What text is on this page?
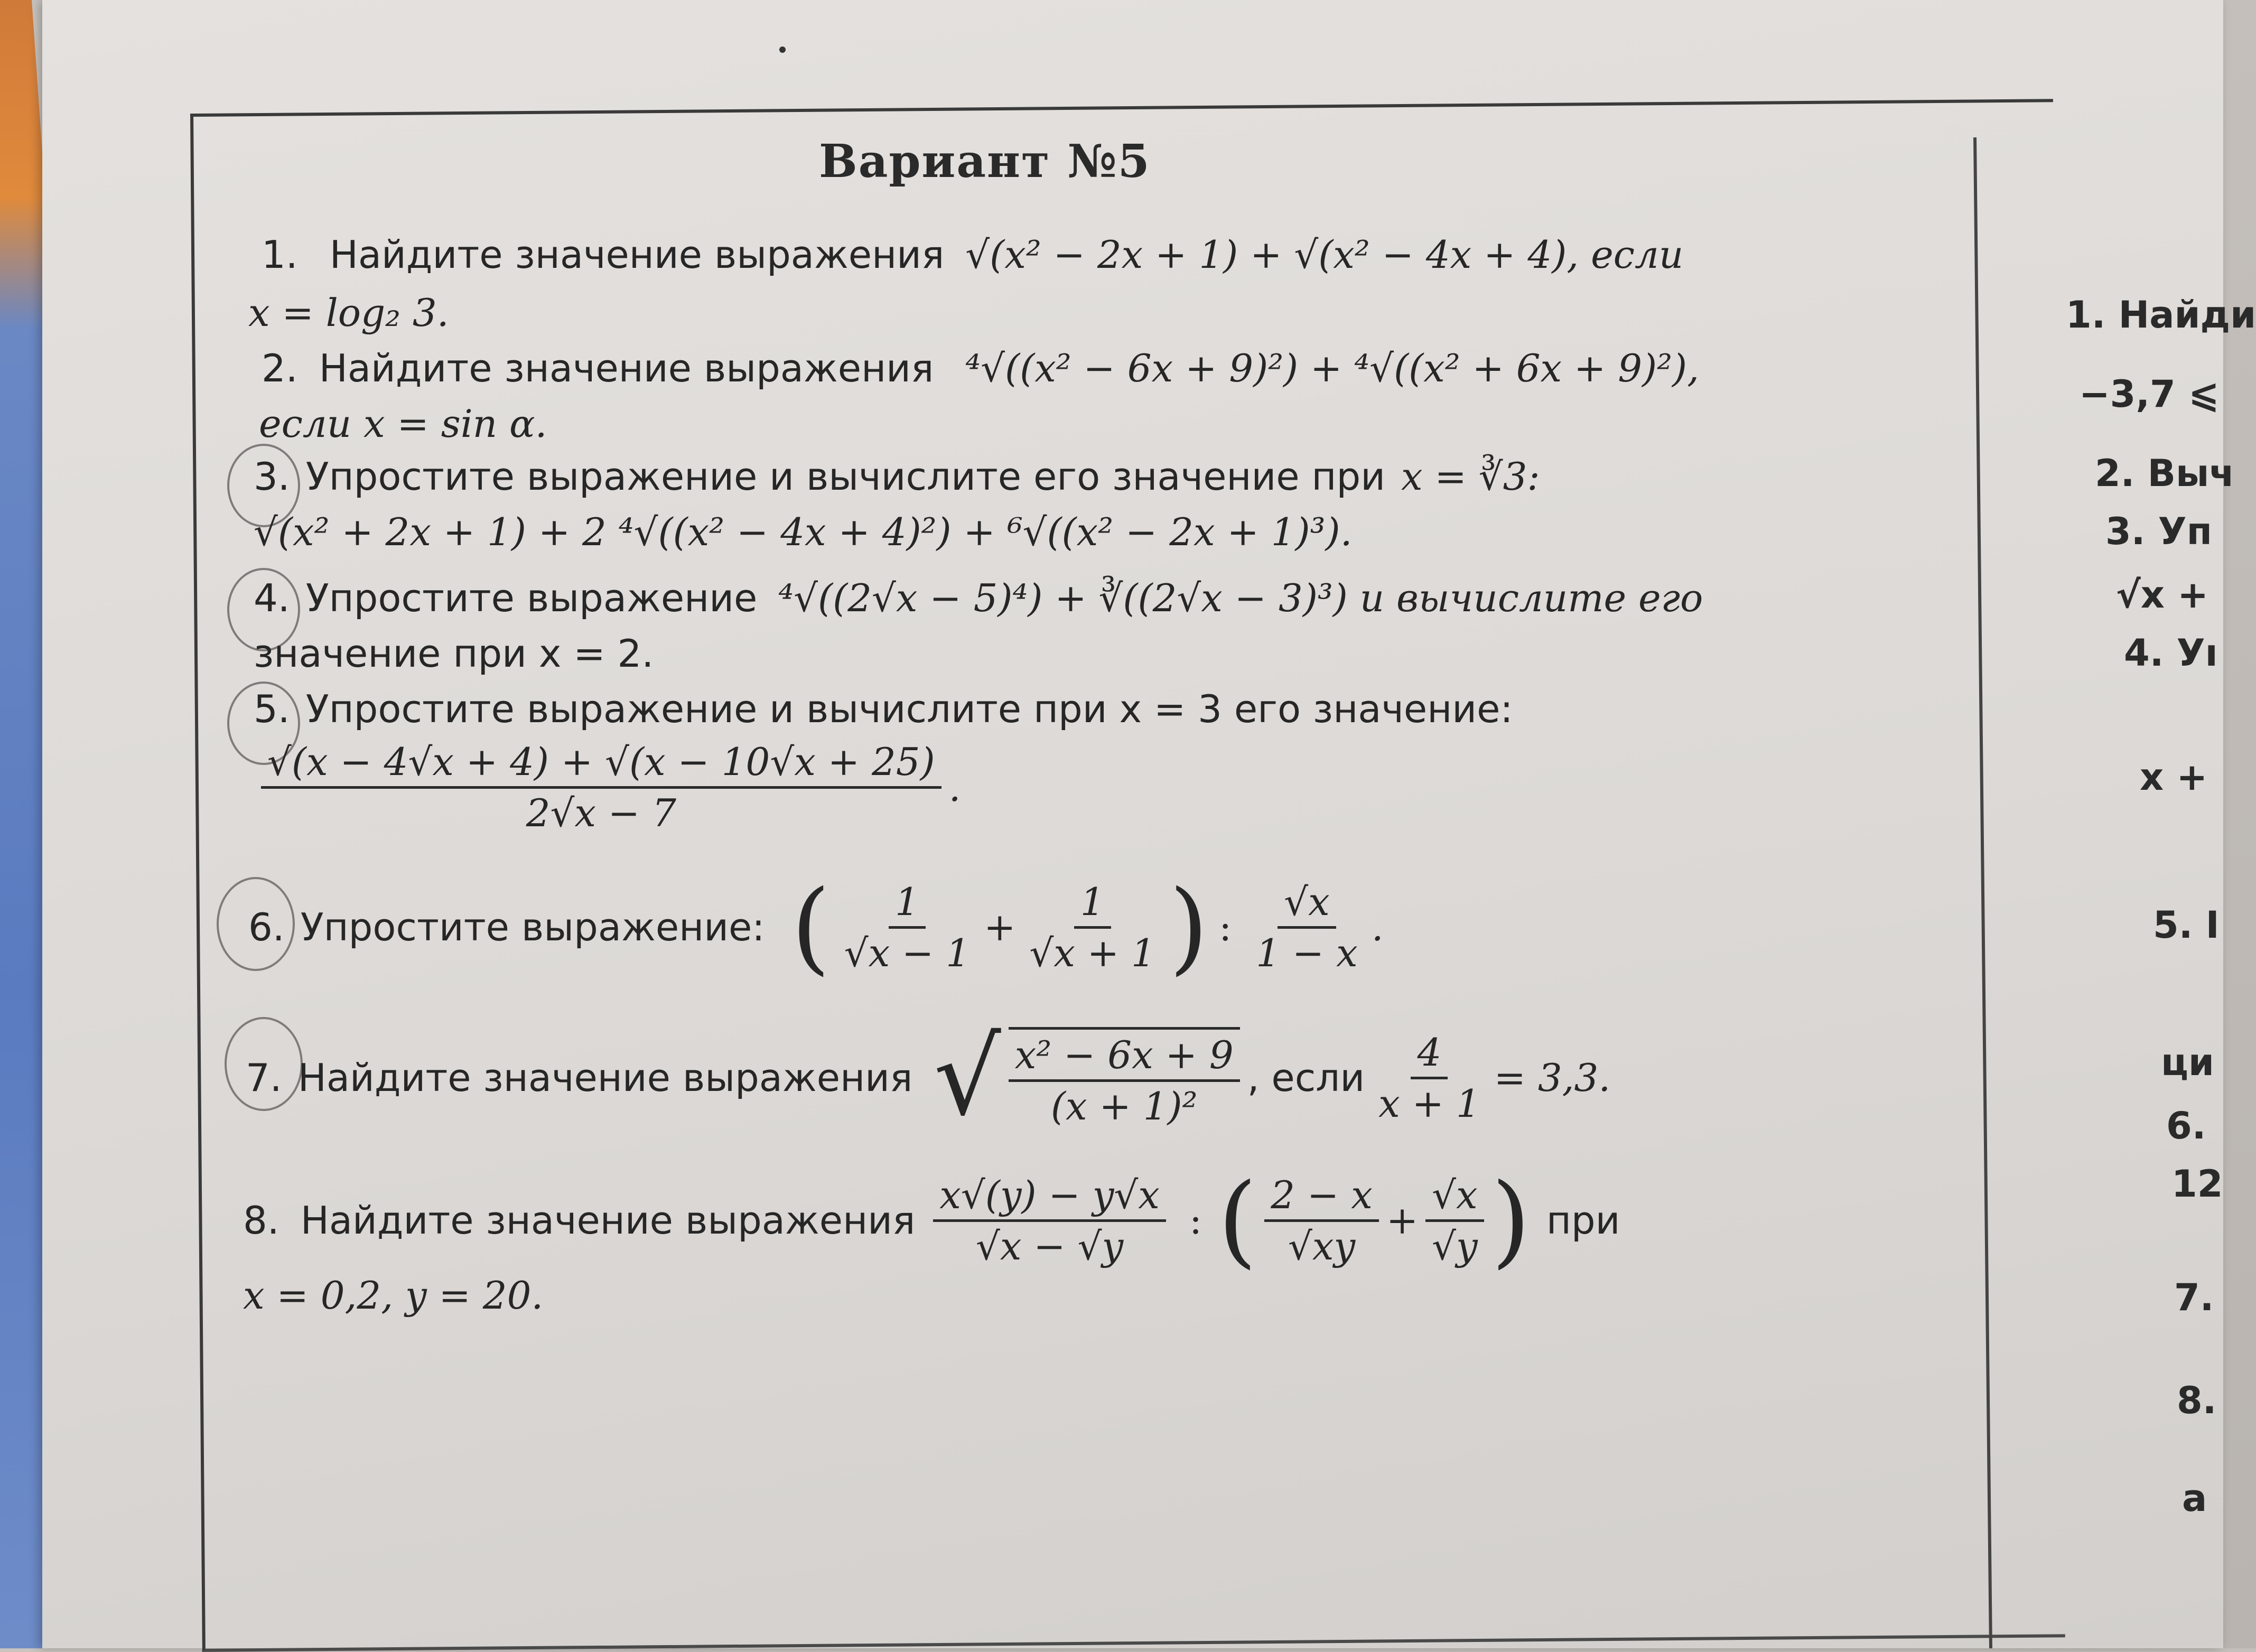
Вариант №5
1. Найдите значение выражения √(x² − 2x + 1) + √(x² − 4x + 4), если
x = log₂ 3.
2. Найдите значение выражения ⁴√((x² − 6x + 9)²) + ⁴√((x² + 6x + 9)²),
если x = sin α.
3. Упростите выражение и вычислите его значение при x = ∛3:
√(x² + 2x + 1) + 2 ⁴√((x² − 4x + 4)²) + ⁶√((x² − 2x + 1)³).
4. Упростите выражение ⁴√((2√x − 5)⁴) + ∛((2√x − 3)³) и вычислите его
значение при x = 2.
5. Упростите выражение и вычислите при x = 3 его значение:
$\frac{√(x - 4√x + 4) + √(x - 10√x + 25)}{2√x - 7}$ .
6. Упростите выражение: ( $\frac{1}{√x - 1} + \frac{1}{√x + 1}$ ) : $\frac{√x}{1 - x}$ .
7. Найдите значение выражения √ $\frac{\text{x² − 6x + 9}}{\text{(x + 1)²}}$ , если $\frac{4}{x + 1} = 3,3$.
8. Найдите значение выражения $\frac{x√(y) - y√x}{√x - √y}$ : ( $\frac{2 - x}{√xy} + \frac{√x}{√y}$ ) при
x = 0,2, y = 20.
1. Найди
−3,7 ⩽
2. Выч
3. Уп
√x +
4. Уı
x +
5. I
ци
6.
12
7.
8.
a
